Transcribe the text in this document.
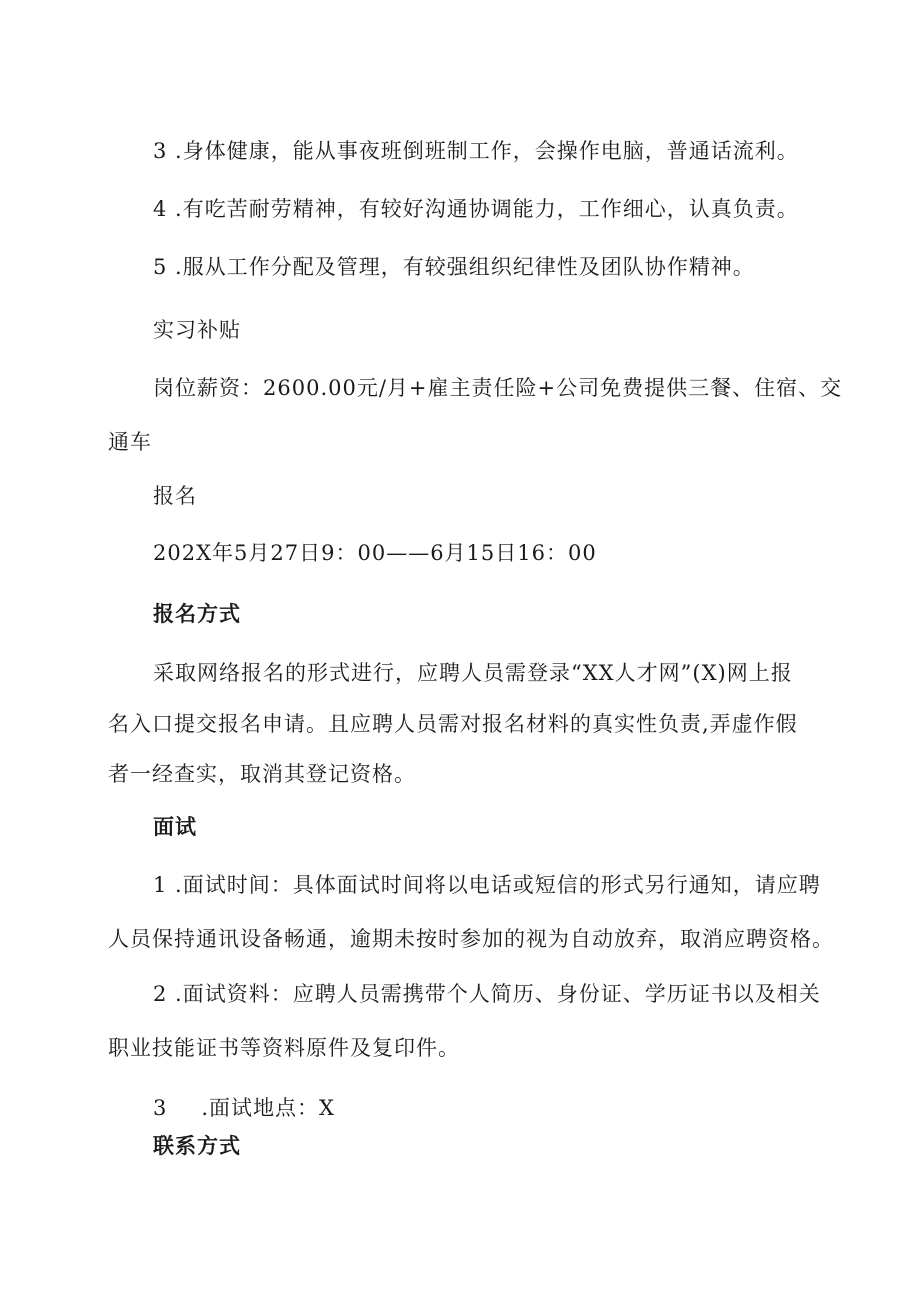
3 .身体健康，能从事夜班倒班制工作，会操作电脑，普通话流利。
4 .有吃苦耐劳精神，有较好沟通协调能力，工作细心，认真负责。
5 .服从工作分配及管理，有较强组织纪律性及团队协作精神。
实习补贴
岗位薪资：2600.00元/月+雇主责任险+公司免费提供三餐、住宿、交
通车
报名
202X年5月27日9：00——6月15日16：00
报名方式
采取网络报名的形式进行，应聘人员需登录“XX人才网”(X)网上报
名入口提交报名申请。且应聘人员需对报名材料的真实性负责,弄虚作假
者一经查实，取消其登记资格。
面试
1 .面试时间：具体面试时间将以电话或短信的形式另行通知，请应聘
人员保持通讯设备畅通，逾期未按时参加的视为自动放弃，取消应聘资格。
2 .面试资料：应聘人员需携带个人简历、身份证、学历证书以及相关
职业技能证书等资料原件及复印件。
3 .面试地点：X
联系方式
